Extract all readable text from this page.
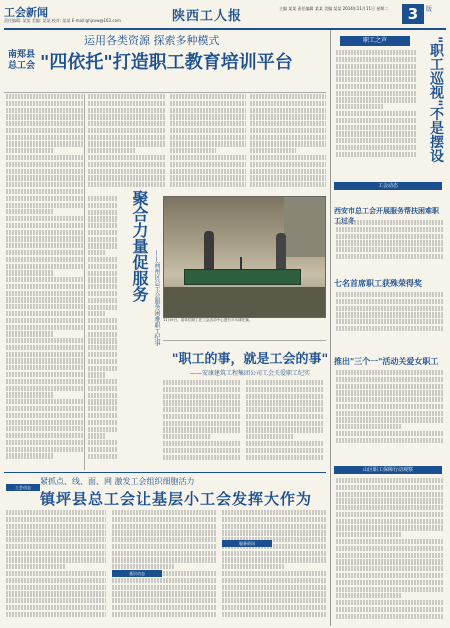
工会新闻
责任编辑: 某某 美编: 某某 校对: 某某 E-mail:ghjsxw@163.com	陕西工人报
主编 某某 责任编辑 某某 美编 某某 2014年11月11日 星期二	3	版
运用各类资源 探索多种模式
南郑县总工会 "四依托"打造职工教育培训平台
聚合力量促服务 ——商州区总工会服务困难职工纪事 11月9日，某单位职工在工会活动中心进行乒乓球比赛。
"职工的事，就是工会的事"
——安康建筑工程集团公司工会关爱职工纪实
紧抓点、线、面、网 激发工会组织细胞活力
镇坪县总工会让基层小工会发挥大作为
工会动态
基层动态
服务资讯
职工之声	"职工巡视"不是摆设
工会动态
西安市总工会开展服务帮扶困难职工过冬
七名首席职工获殊荣得奖
推出"三个一"活动关爱女职工
山区职工保障行动观察
